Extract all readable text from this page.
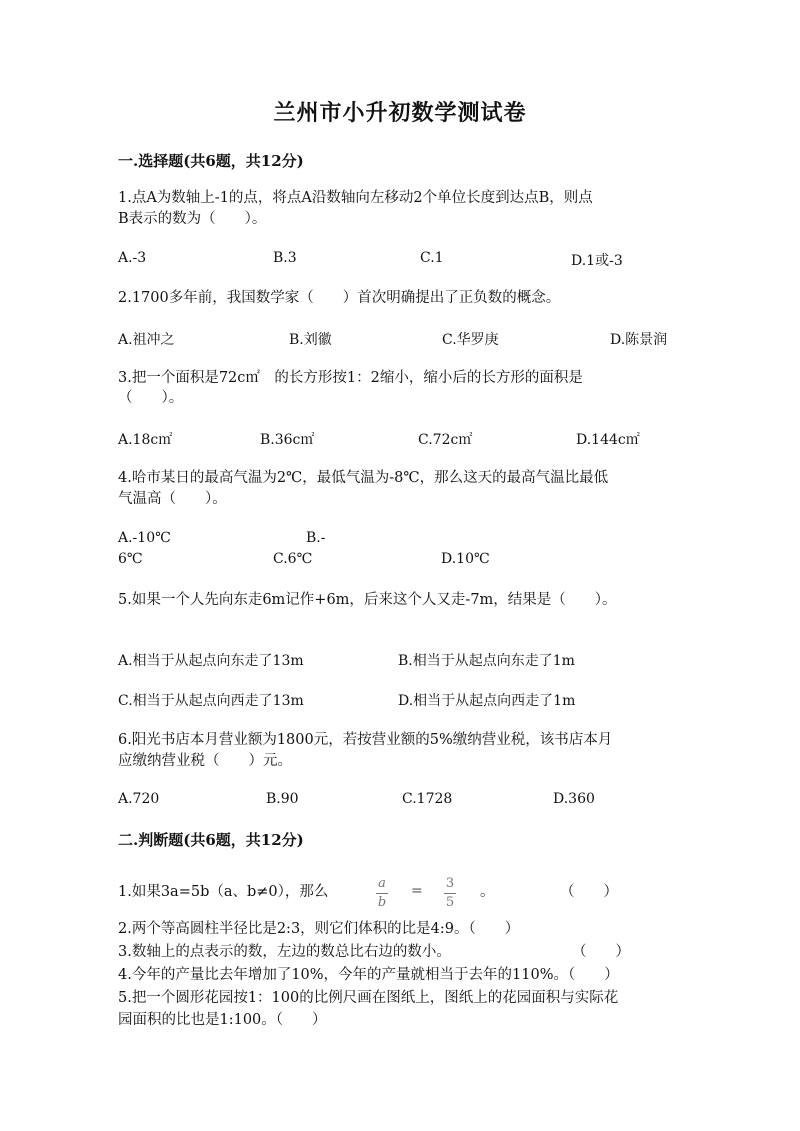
兰州市小升初数学测试卷
一.选择题(共6题，共12分)
1.点A为数轴上-1的点，将点A沿数轴向左移动2个单位长度到达点B，则点
B表示的数为（　　）。
A.-3	B.3	C.1	D.1或-3
2.1700多年前，我国数学家（　　）首次明确提出了正负数的概念。
A.祖冲之	B.刘徽	C.华罗庚	D.陈景润
3.把一个面积是72c㎡　的长方形按1：2缩小，缩小后的长方形的面积是
（　　）。
A.18c㎡	B.36c㎡	C.72c㎡	D.144c㎡
4.哈市某日的最高气温为2℃，最低气温为-8℃，那么这天的最高气温比最低
气温高（　　）。
A.-10℃	B.-
6℃	C.6℃	D.10℃
5.如果一个人先向东走6m记作+6m，后来这个人又走-7m，结果是（　　）。
A.相当于从起点向东走了13m	B.相当于从起点向东走了1m
C.相当于从起点向西走了13m	D.相当于从起点向西走了1m
6.阳光书店本月营业额为1800元，若按营业额的5%缴纳营业税，该书店本月
应缴纳营业税（　　）元。
A.720	B.90	C.1728	D.360
二.判断题(共6题，共12分)
1.如果3a=5b（a、b≠0），那么
a
b
= 3
5
。	（　　）
2.两个等高圆柱半径比是2:3，则它们体积的比是4:9。（　　）
3.数轴上的点表示的数，左边的数总比右边的数小。	（　　）
4.今年的产量比去年增加了10%，今年的产量就相当于去年的110%。（　　）
5.把一个圆形花园按1：100的比例尺画在图纸上，图纸上的花园面积与实际花
园面积的比也是1:100。（　　）
